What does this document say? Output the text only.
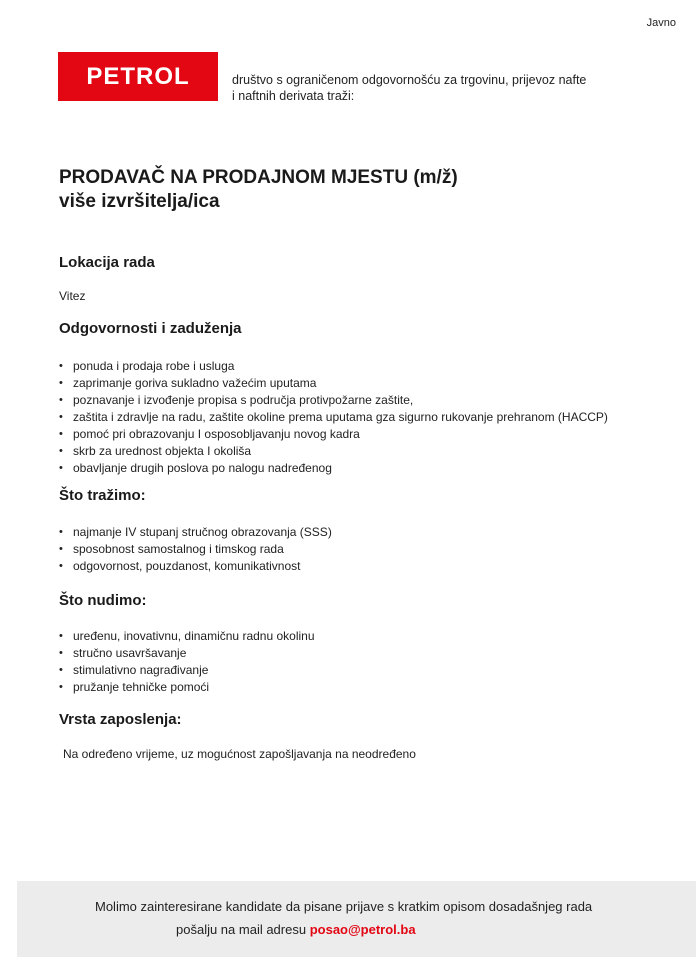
Javno
PETROL	društvo s ograničenom odgovornošću za trgovinu, prijevoz nafte
i naftnih derivata traži:
PRODAVAČ NA PRODAJNOM MJESTU (m/ž)
više izvršitelja/ica
Lokacija rada
Vitez
Odgovornosti i zaduženja
• ponuda i prodaja robe i usluga
• zaprimanje goriva sukladno važećim uputama
• poznavanje i izvođenje propisa s područja protivpožarne zaštite,
• zaštita i zdravlje na radu, zaštite okoline prema uputama gza sigurno rukovanje prehranom (HACCP)
• pomoć pri obrazovanju I osposobljavanju novog kadra
• skrb za urednost objekta I okoliša
• obavljanje drugih poslova po nalogu nadređenog
Što tražimo:
• najmanje IV stupanj stručnog obrazovanja (SSS)
• sposobnost samostalnog i timskog rada
• odgovornost, pouzdanost, komunikativnost
Što nudimo:
• uređenu, inovativnu, dinamičnu radnu okolinu
• stručno usavršavanje
• stimulativno nagrađivanje
• pružanje tehničke pomoći
Vrsta zaposlenja:
Na određeno vrijeme, uz mogućnost zapošljavanja na neodređeno
Molimo zainteresirane kandidate da pisane prijave s kratkim opisom dosadašnjeg rada
pošalju na mail adresu posao@petrol.ba
